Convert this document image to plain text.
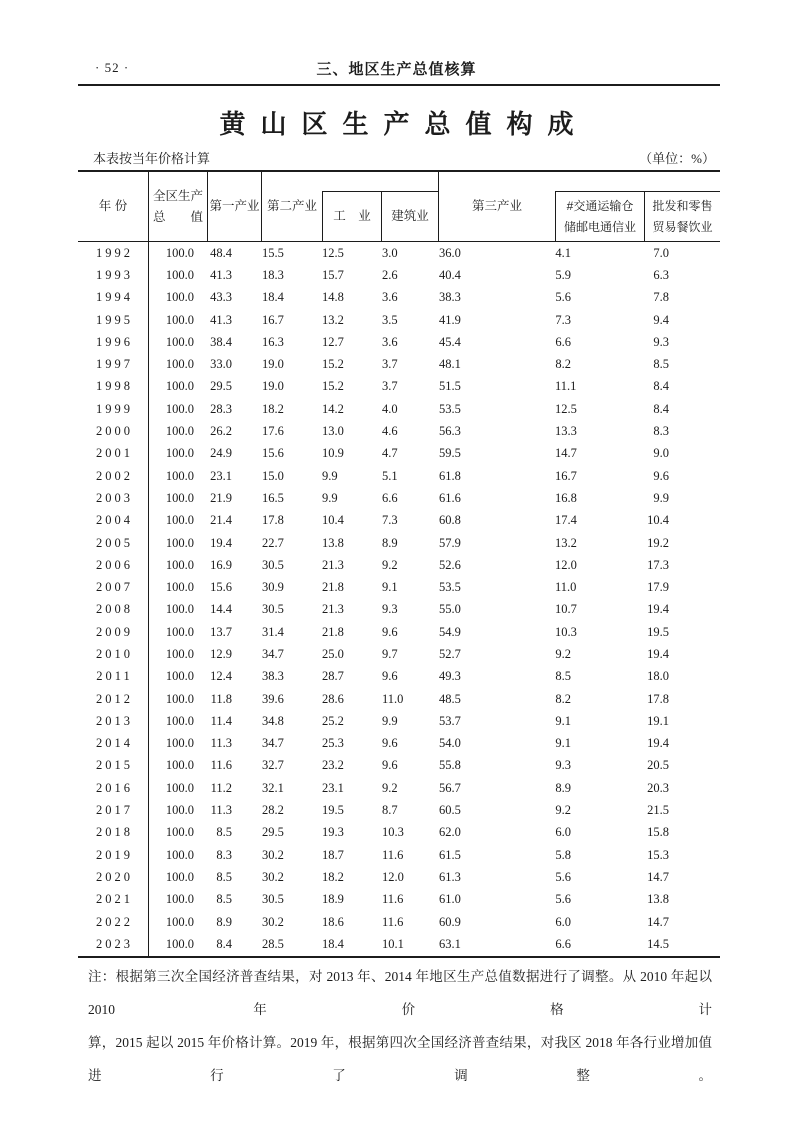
· 52 ·	三、地区生产总值核算
黄山区生产总值构成
本表按当年价格计算	（单位：%）
年 份
全区生产
总　　值
第一产业 第二产业
工　业 建筑业
第三产业	#交通运输仓
储邮电通信业
批发和零售
贸易餐饮业
1992	100.0	48.4	15.5	12.5	3.0	36.0	4.1	7.0
1993	100.0	41.3	18.3	15.7	2.6	40.4	5.9	6.3
1994	100.0	43.3	18.4	14.8	3.6	38.3	5.6	7.8
1995	100.0	41.3	16.7	13.2	3.5	41.9	7.3	9.4
1996	100.0	38.4	16.3	12.7	3.6	45.4	6.6	9.3
1997	100.0	33.0	19.0	15.2	3.7	48.1	8.2	8.5
1998	100.0	29.5	19.0	15.2	3.7	51.5	11.1	8.4
1999	100.0	28.3	18.2	14.2	4.0	53.5	12.5	8.4
2000	100.0	26.2	17.6	13.0	4.6	56.3	13.3	8.3
2001	100.0	24.9	15.6	10.9	4.7	59.5	14.7	9.0
2002	100.0	23.1	15.0	9.9	5.1	61.8	16.7	9.6
2003	100.0	21.9	16.5	9.9	6.6	61.6	16.8	9.9
2004	100.0	21.4	17.8	10.4	7.3	60.8	17.4	10.4
2005	100.0	19.4	22.7	13.8	8.9	57.9	13.2	19.2
2006	100.0	16.9	30.5	21.3	9.2	52.6	12.0	17.3
2007	100.0	15.6	30.9	21.8	9.1	53.5	11.0	17.9
2008	100.0	14.4	30.5	21.3	9.3	55.0	10.7	19.4
2009	100.0	13.7	31.4	21.8	9.6	54.9	10.3	19.5
2010	100.0	12.9	34.7	25.0	9.7	52.7	9.2	19.4
2011	100.0	12.4	38.3	28.7	9.6	49.3	8.5	18.0
2012	100.0	11.8	39.6	28.6	11.0	48.5	8.2	17.8
2013	100.0	11.4	34.8	25.2	9.9	53.7	9.1	19.1
2014	100.0	11.3	34.7	25.3	9.6	54.0	9.1	19.4
2015	100.0	11.6	32.7	23.2	9.6	55.8	9.3	20.5
2016	100.0	11.2	32.1	23.1	9.2	56.7	8.9	20.3
2017	100.0	11.3	28.2	19.5	8.7	60.5	9.2	21.5
2018	100.0	8.5	29.5	19.3	10.3	62.0	6.0	15.8
2019	100.0	8.3	30.2	18.7	11.6	61.5	5.8	15.3
2020	100.0	8.5	30.2	18.2	12.0	61.3	5.6	14.7
2021	100.0	8.5	30.5	18.9	11.6	61.0	5.6	13.8
2022	100.0	8.9	30.2	18.6	11.6	60.9	6.0	14.7
2023	100.0	8.4	28.5	18.4	10.1	63.1	6.6	14.5
注：根据第三次全国经济普查结果，对 2013 年、2014 年地区生产总值数据进行了调整。从 2010 年起以 2010 年价格计
算，2015 起以 2015 年价格计算。2019 年，根据第四次全国经济普查结果，对我区 2018 年各行业增加值进行了调整。
